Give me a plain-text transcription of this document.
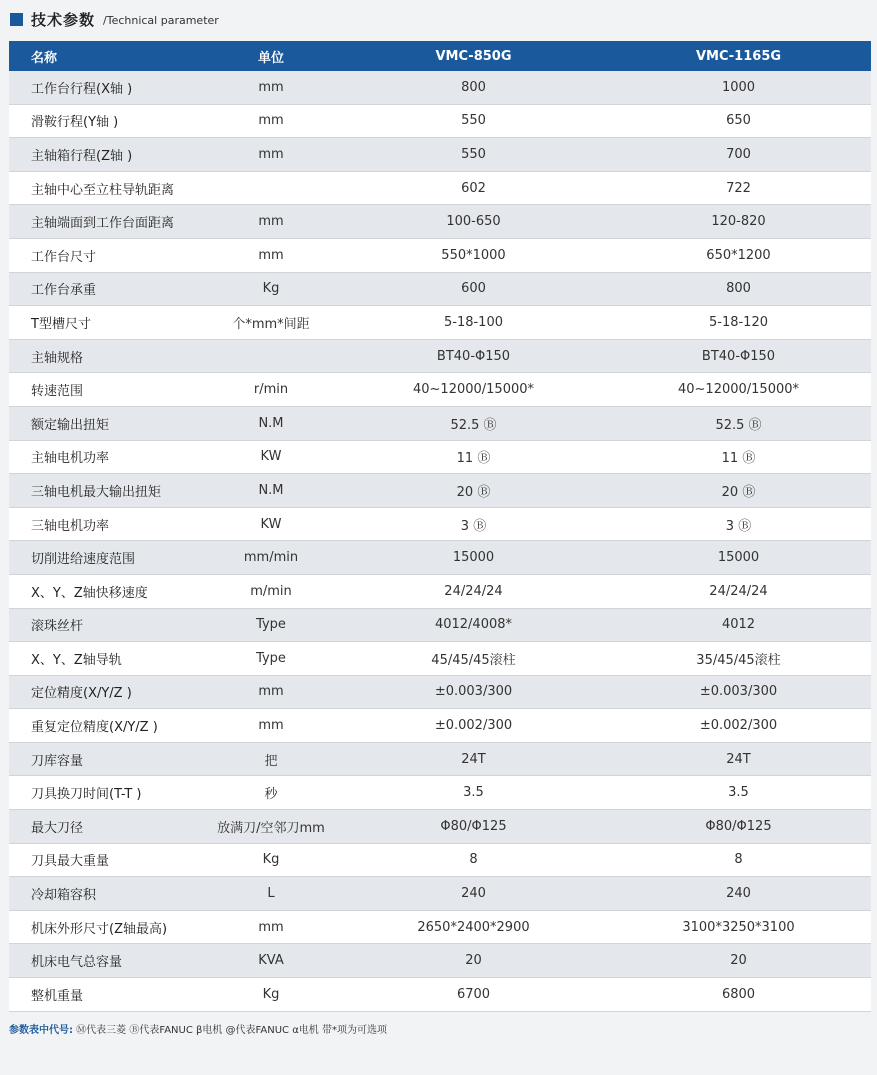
技术参数 /Technical parameter
名称	单位	VMC-850G	VMC-1165G
工作台行程(X轴 )	mm	800	1000
滑鞍行程(Y轴 )	mm	550	650
主轴箱行程(Z轴 )	mm	550	700
主轴中心至立柱导轨距离		602	722
主轴端面到工作台面距离	mm	100-650	120-820
工作台尺寸	mm	550*1000	650*1200
工作台承重	Kg	600	800
T型槽尺寸	个*mm*间距	5-18-100	5-18-120
主轴规格		BT40-Φ150	BT40-Φ150
转速范围	r/min	40~12000/15000*	40~12000/15000*
额定输出扭矩	N.M	52.5 Ⓑ	52.5 Ⓑ
主轴电机功率	KW	11 Ⓑ	11 Ⓑ
三轴电机最大输出扭矩	N.M	20 Ⓑ	20 Ⓑ
三轴电机功率	KW	3 Ⓑ	3 Ⓑ
切削进给速度范围	mm/min	15000	15000
X、Y、Z轴快移速度	m/min	24/24/24	24/24/24
滚珠丝杆	Type	4012/4008*	4012
X、Y、Z轴导轨	Type	45/45/45滚柱	35/45/45滚柱
定位精度(X/Y/Z )	mm	±0.003/300	±0.003/300
重复定位精度(X/Y/Z )	mm	±0.002/300	±0.002/300
刀库容量	把	24T	24T
刀具换刀时间(T-T )	秒	3.5	3.5
最大刀径	放满刀/空邻刀mm	Φ80/Φ125	Φ80/Φ125
刀具最大重量	Kg	8	8
冷却箱容积	L	240	240
机床外形尺寸(Z轴最高)	mm	2650*2400*2900	3100*3250*3100
机床电气总容量	KVA	20	20
整机重量	Kg	6700	6800
参数表中代号: Ⓜ代表三菱 Ⓑ代表FANUC β电机 @代表FANUC α电机 带*项为可选项
